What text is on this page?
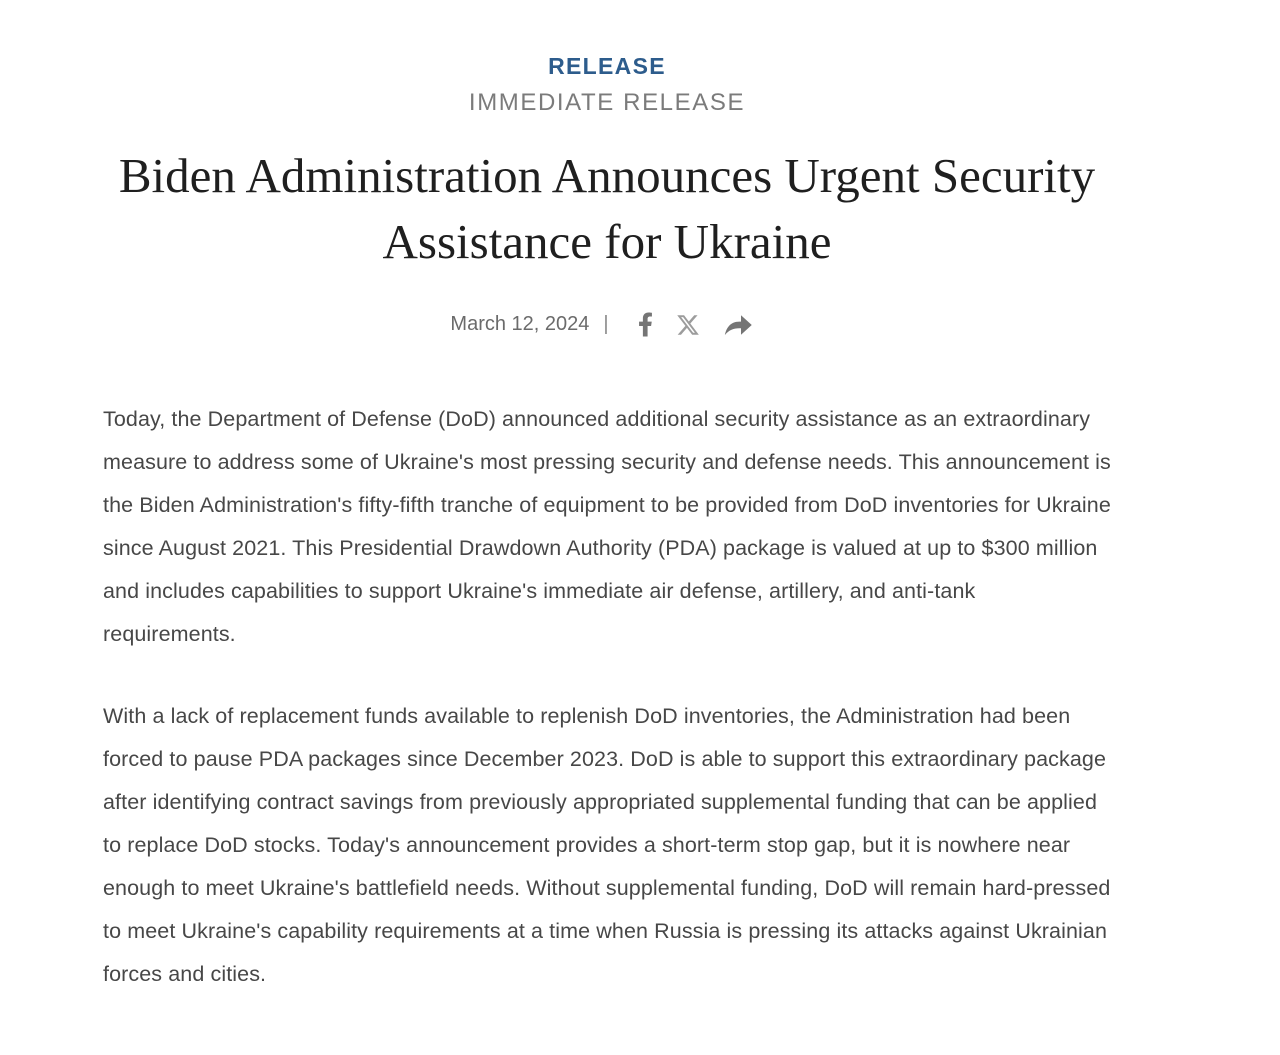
RELEASE
IMMEDIATE RELEASE
Biden Administration Announces Urgent Security Assistance for Ukraine
March 12, 2024 |

Today, the Department of Defense (DoD) announced additional security assistance as an extraordinary measure to address some of Ukraine's most pressing security and defense needs. This announcement is the Biden Administration's fifty-fifth tranche of equipment to be provided from DoD inventories for Ukraine since August 2021. This Presidential Drawdown Authority (PDA) package is valued at up to $300 million and includes capabilities to support Ukraine's immediate air defense, artillery, and anti-tank requirements.

With a lack of replacement funds available to replenish DoD inventories, the Administration had been forced to pause PDA packages since December 2023. DoD is able to support this extraordinary package after identifying contract savings from previously appropriated supplemental funding that can be applied to replace DoD stocks. Today's announcement provides a short-term stop gap, but it is nowhere near enough to meet Ukraine's battlefield needs. Without supplemental funding, DoD will remain hard-pressed to meet Ukraine's capability requirements at a time when Russia is pressing its attacks against Ukrainian forces and cities.
